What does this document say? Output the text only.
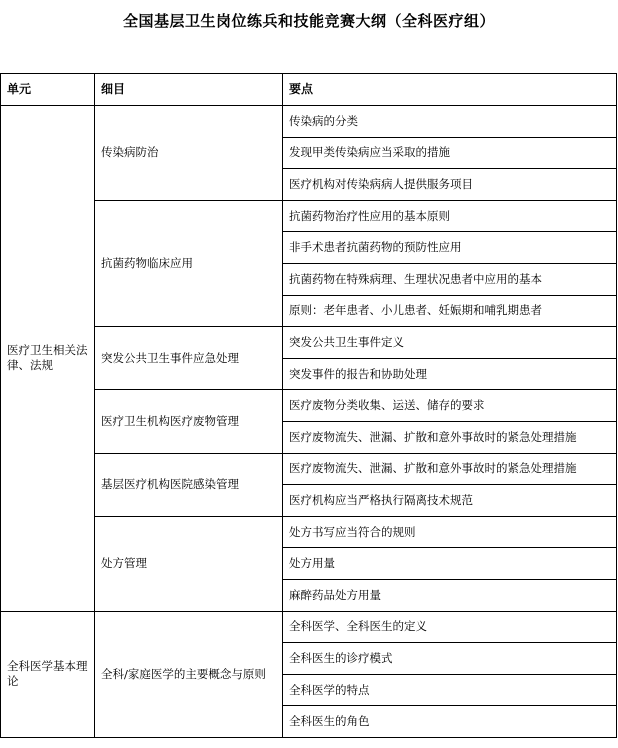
全国基层卫生岗位练兵和技能竞赛大纲（全科医疗组）
单元	细目	要点
医疗卫生相关法律、法规	传染病防治	传染病的分类
		发现甲类传染病应当采取的措施
		医疗机构对传染病病人提供服务项目
	抗菌药物临床应用	抗菌药物治疗性应用的基本原则
		非手术患者抗菌药物的预防性应用
		抗菌药物在特殊病理、生理状况患者中应用的基本
		原则：老年患者、小儿患者、妊娠期和哺乳期患者
	突发公共卫生事件应急处理	突发公共卫生事件定义
		突发事件的报告和协助处理
	医疗卫生机构医疗废物管理	医疗废物分类收集、运送、储存的要求
		医疗废物流失、泄漏、扩散和意外事故时的紧急处理措施
	基层医疗机构医院感染管理	医疗废物流失、泄漏、扩散和意外事故时的紧急处理措施
		医疗机构应当严格执行隔离技术规范
	处方管理	处方书写应当符合的规则
		处方用量
		麻醉药品处方用量
全科医学基本理论	全科/家庭医学的主要概念与原则	全科医学、全科医生的定义
		全科医生的诊疗模式
		全科医学的特点
		全科医生的角色
